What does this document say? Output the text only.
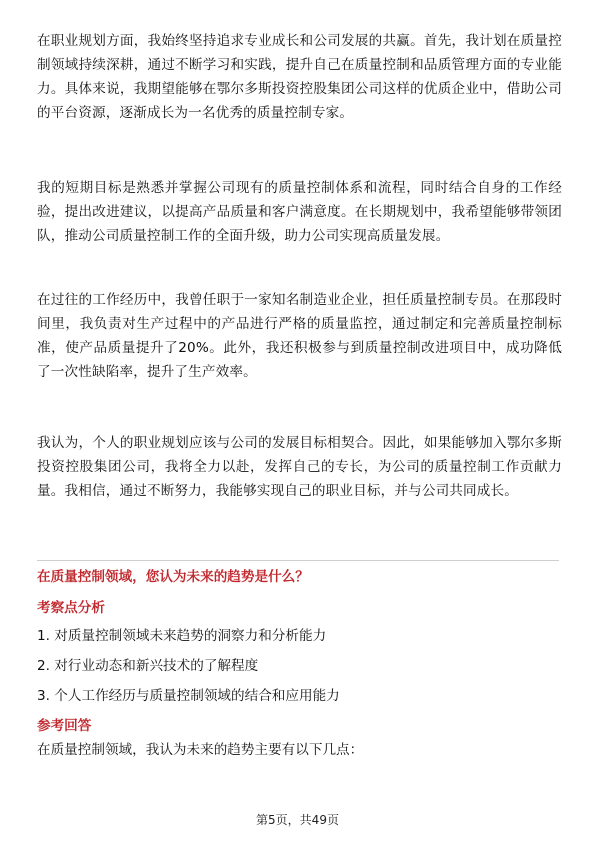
在职业规划方面，我始终坚持追求专业成长和公司发展的共赢。首先，我计划在质量控制领域持续深耕，通过不断学习和实践，提升自己在质量控制和品质管理方面的专业能力。具体来说，我期望能够在鄂尔多斯投资控股集团公司这样的优质企业中，借助公司的平台资源，逐渐成长为一名优秀的质量控制专家。

我的短期目标是熟悉并掌握公司现有的质量控制体系和流程，同时结合自身的工作经验，提出改进建议，以提高产品质量和客户满意度。在长期规划中，我希望能够带领团队，推动公司质量控制工作的全面升级，助力公司实现高质量发展。

在过往的工作经历中，我曾任职于一家知名制造业企业，担任质量控制专员。在那段时间里，我负责对生产过程中的产品进行严格的质量监控，通过制定和完善质量控制标准，使产品质量提升了20%。此外，我还积极参与到质量控制改进项目中，成功降低了一次性缺陷率，提升了生产效率。

我认为，个人的职业规划应该与公司的发展目标相契合。因此，如果能够加入鄂尔多斯投资控股集团公司，我将全力以赴，发挥自己的专长，为公司的质量控制工作贡献力量。我相信，通过不断努力，我能够实现自己的职业目标，并与公司共同成长。

在质量控制领域，您认为未来的趋势是什么？

考察点分析

1. 对质量控制领域未来趋势的洞察力和分析能力
2. 对行业动态和新兴技术的了解程度
3. 个人工作经历与质量控制领域的结合和应用能力

参考回答

在质量控制领域，我认为未来的趋势主要有以下几点：

第5页，共49页
